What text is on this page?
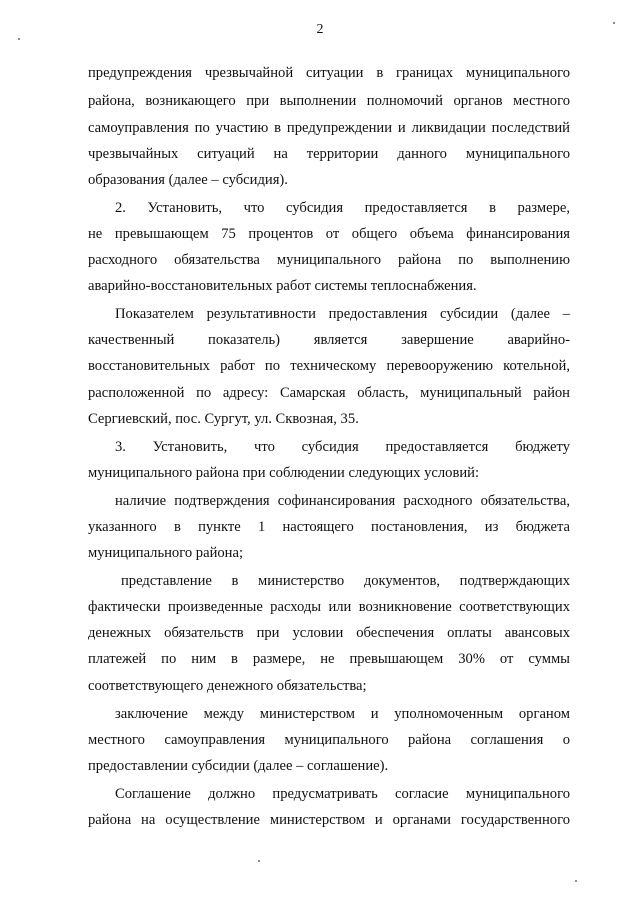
2
предупреждения чрезвычайной ситуации в границах муниципального
района, возникающего при выполнении полномочий органов местного
самоуправления по участию в предупреждении и ликвидации последствий
чрезвычайных ситуаций на территории данного муниципального
образования (далее – субсидия).
2. Установить, что субсидия предоставляется в размере,
не превышающем 75 процентов от общего объема финансирования
расходного обязательства муниципального района по выполнению
аварийно-восстановительных работ системы теплоснабжения.
Показателем результативности предоставления субсидии (далее –
качественный показатель) является завершение аварийно-
восстановительных работ по техническому перевооружению котельной,
расположенной по адресу: Самарская область, муниципальный район
Сергиевский, пос. Сургут, ул. Сквозная, 35.
3. Установить, что субсидия предоставляется бюджету
муниципального района при соблюдении следующих условий:
наличие подтверждения софинансирования расходного обязательства,
указанного в пункте 1 настоящего постановления, из бюджета
муниципального района;
представление в министерство документов, подтверждающих
фактически произведенные расходы или возникновение соответствующих
денежных обязательств при условии обеспечения оплаты авансовых
платежей по ним в размере, не превышающем 30% от суммы
соответствующего денежного обязательства;
заключение между министерством и уполномоченным органом
местного самоуправления муниципального района соглашения о
предоставлении субсидии (далее – соглашение).
Соглашение должно предусматривать согласие муниципального
района на осуществление министерством и органами государственного
